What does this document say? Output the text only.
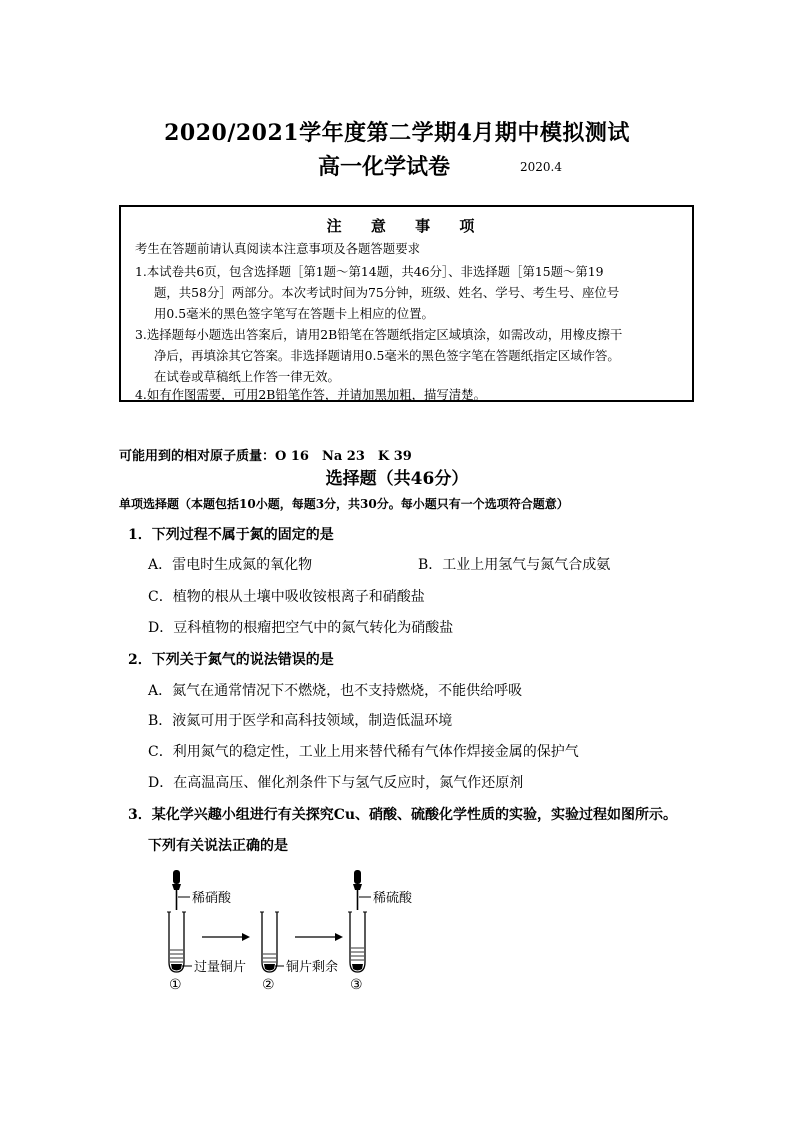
2020/2021学年度第二学期4月期中模拟测试
高一化学试卷	2020.4
注 意 事 项
考生在答题前请认真阅读本注意事项及各题答题要求
1.本试卷共6页，包含选择题［第1题～第14题，共46分］、非选择题［第15题～第19
题，共58分］两部分。本次考试时间为75分钟，班级、姓名、学号、考生号、座位号
用0.5毫米的黑色签字笔写在答题卡上相应的位置。
3.选择题每小题选出答案后，请用2B铅笔在答题纸指定区域填涂，如需改动，用橡皮擦干
净后，再填涂其它答案。非选择题请用0.5毫米的黑色签字笔在答题纸指定区域作答。
在试卷或草稿纸上作答一律无效。
4.如有作图需要，可用2B铅笔作答，并请加黑加粗，描写清楚。
可能用到的相对原子质量：O 16　Na 23　K 39
选择题（共46分）
单项选择题（本题包括10小题，每题3分，共30分。每小题只有一个选项符合题意）
1．下列过程不属于氮的固定的是
A．雷电时生成氮的氧化物	B．工业上用氢气与氮气合成氨
C．植物的根从土壤中吸收铵根离子和硝酸盐
D．豆科植物的根瘤把空气中的氮气转化为硝酸盐
2．下列关于氮气的说法错误的是
A．氮气在通常情况下不燃烧，也不支持燃烧，不能供给呼吸
B．液氮可用于医学和高科技领域，制造低温环境
C．利用氮气的稳定性，工业上用来替代稀有气体作焊接金属的保护气
D．在高温高压、催化剂条件下与氢气反应时，氮气作还原剂
3．某化学兴趣小组进行有关探究Cu、硝酸、硫酸化学性质的实验，实验过程如图所示。
下列有关说法正确的是
稀硝酸
过量铜片
①
铜片剩余
②
稀硫酸
③
